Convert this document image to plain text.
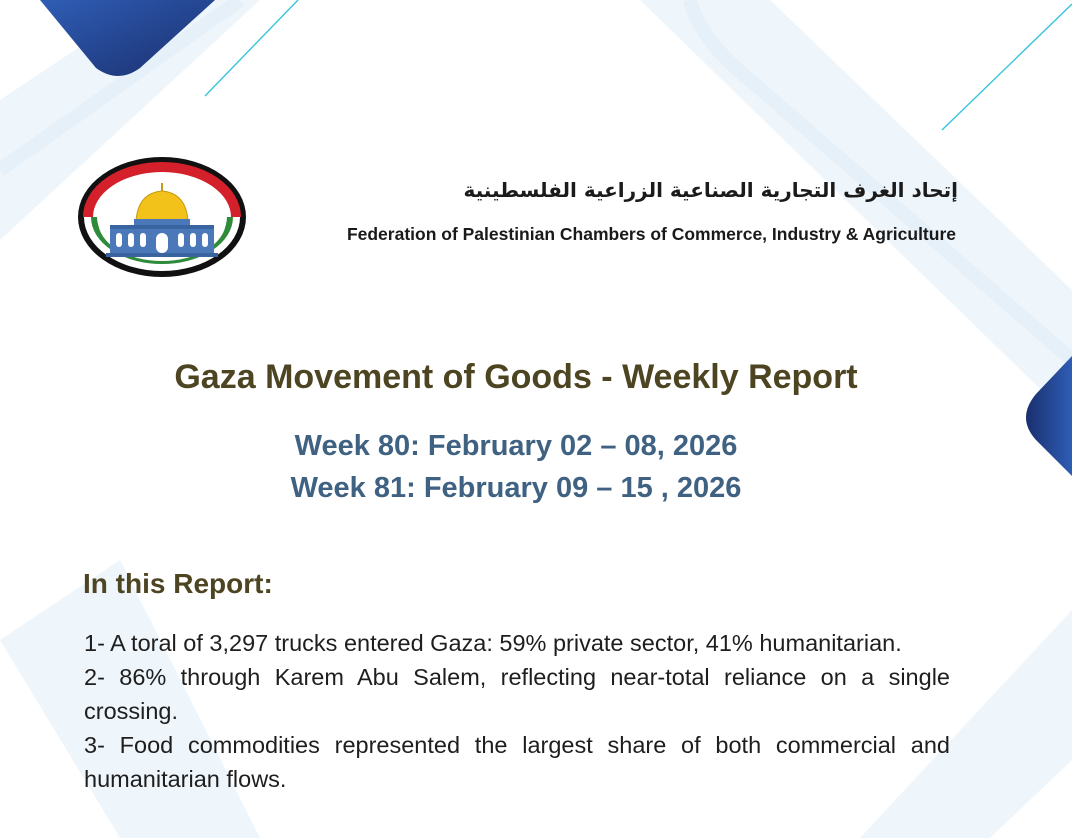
إتحاد الغرف التجارية الصناعية الزراعية الفلسطينية
Federation of Palestinian Chambers of Commerce, Industry & Agriculture
Gaza Movement of Goods - Weekly Report
Week 80: February 02 – 08, 2026
Week 81: February 09 – 15 , 2026
In this Report:
1- A toral of 3,297 trucks entered Gaza: 59% private sector, 41% humanitarian.
2- 86% through Karem Abu Salem, reflecting near-total reliance on a single crossing.
3- Food commodities represented the largest share of both commercial and humanitarian flows.
